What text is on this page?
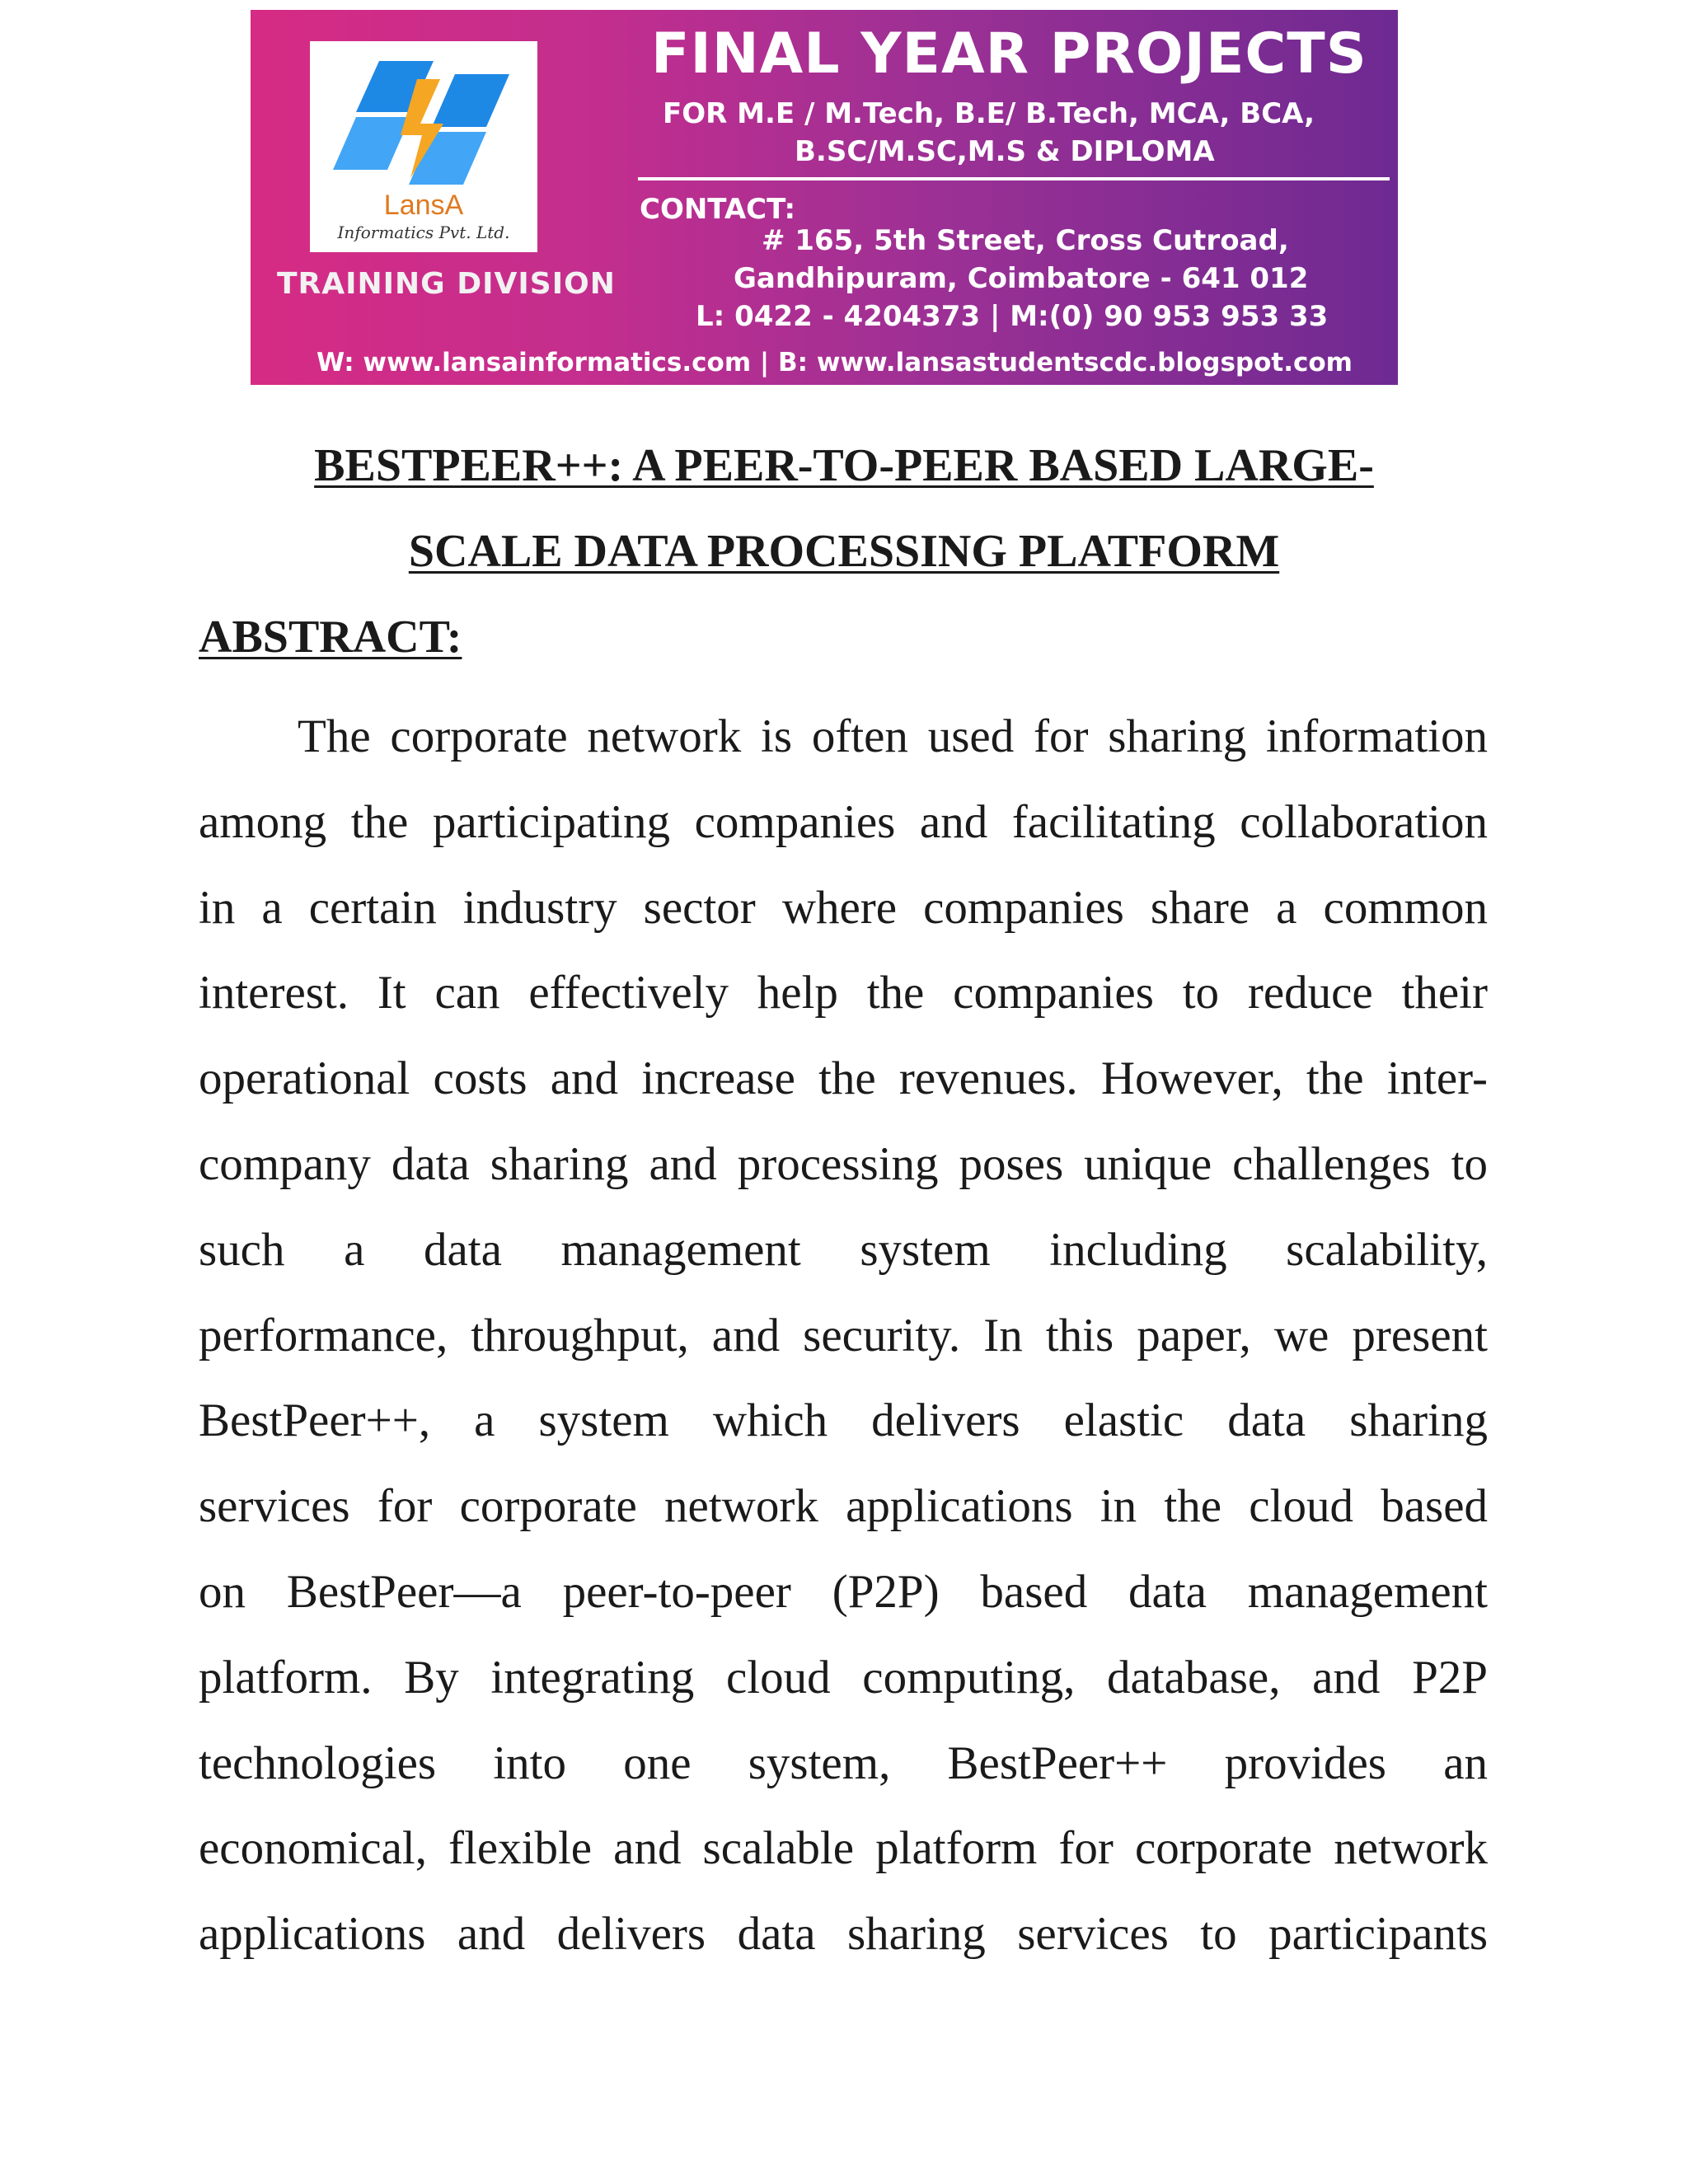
LansA
Informatics Pvt. Ltd.
TRAINING DIVISION
FINAL YEAR PROJECTS
FOR M.E / M.Tech, B.E/ B.Tech, MCA, BCA,
B.SC/M.SC,M.S & DIPLOMA
CONTACT:
# 165, 5th Street, Cross Cutroad,
Gandhipuram, Coimbatore - 641 012
L: 0422 - 4204373 | M:(0) 90 953 953 33
W: www.lansainformatics.com | B: www.lansastudentscdc.blogspot.com
BESTPEER++: A PEER-TO-PEER BASED LARGE-
SCALE DATA PROCESSING PLATFORM
ABSTRACT:
The corporate network is often used for sharing information
among the participating companies and facilitating collaboration
in a certain industry sector where companies share a common
interest. It can effectively help the companies to reduce their
operational costs and increase the revenues. However, the inter-
company data sharing and processing poses unique challenges to
such a data management system including scalability,
performance, throughput, and security. In this paper, we present
BestPeer++, a system which delivers elastic data sharing
services for corporate network applications in the cloud based
on BestPeer—a peer-to-peer (P2P) based data management
platform. By integrating cloud computing, database, and P2P
technologies into one system, BestPeer++ provides an
economical, flexible and scalable platform for corporate network
applications and delivers data sharing services to participants
